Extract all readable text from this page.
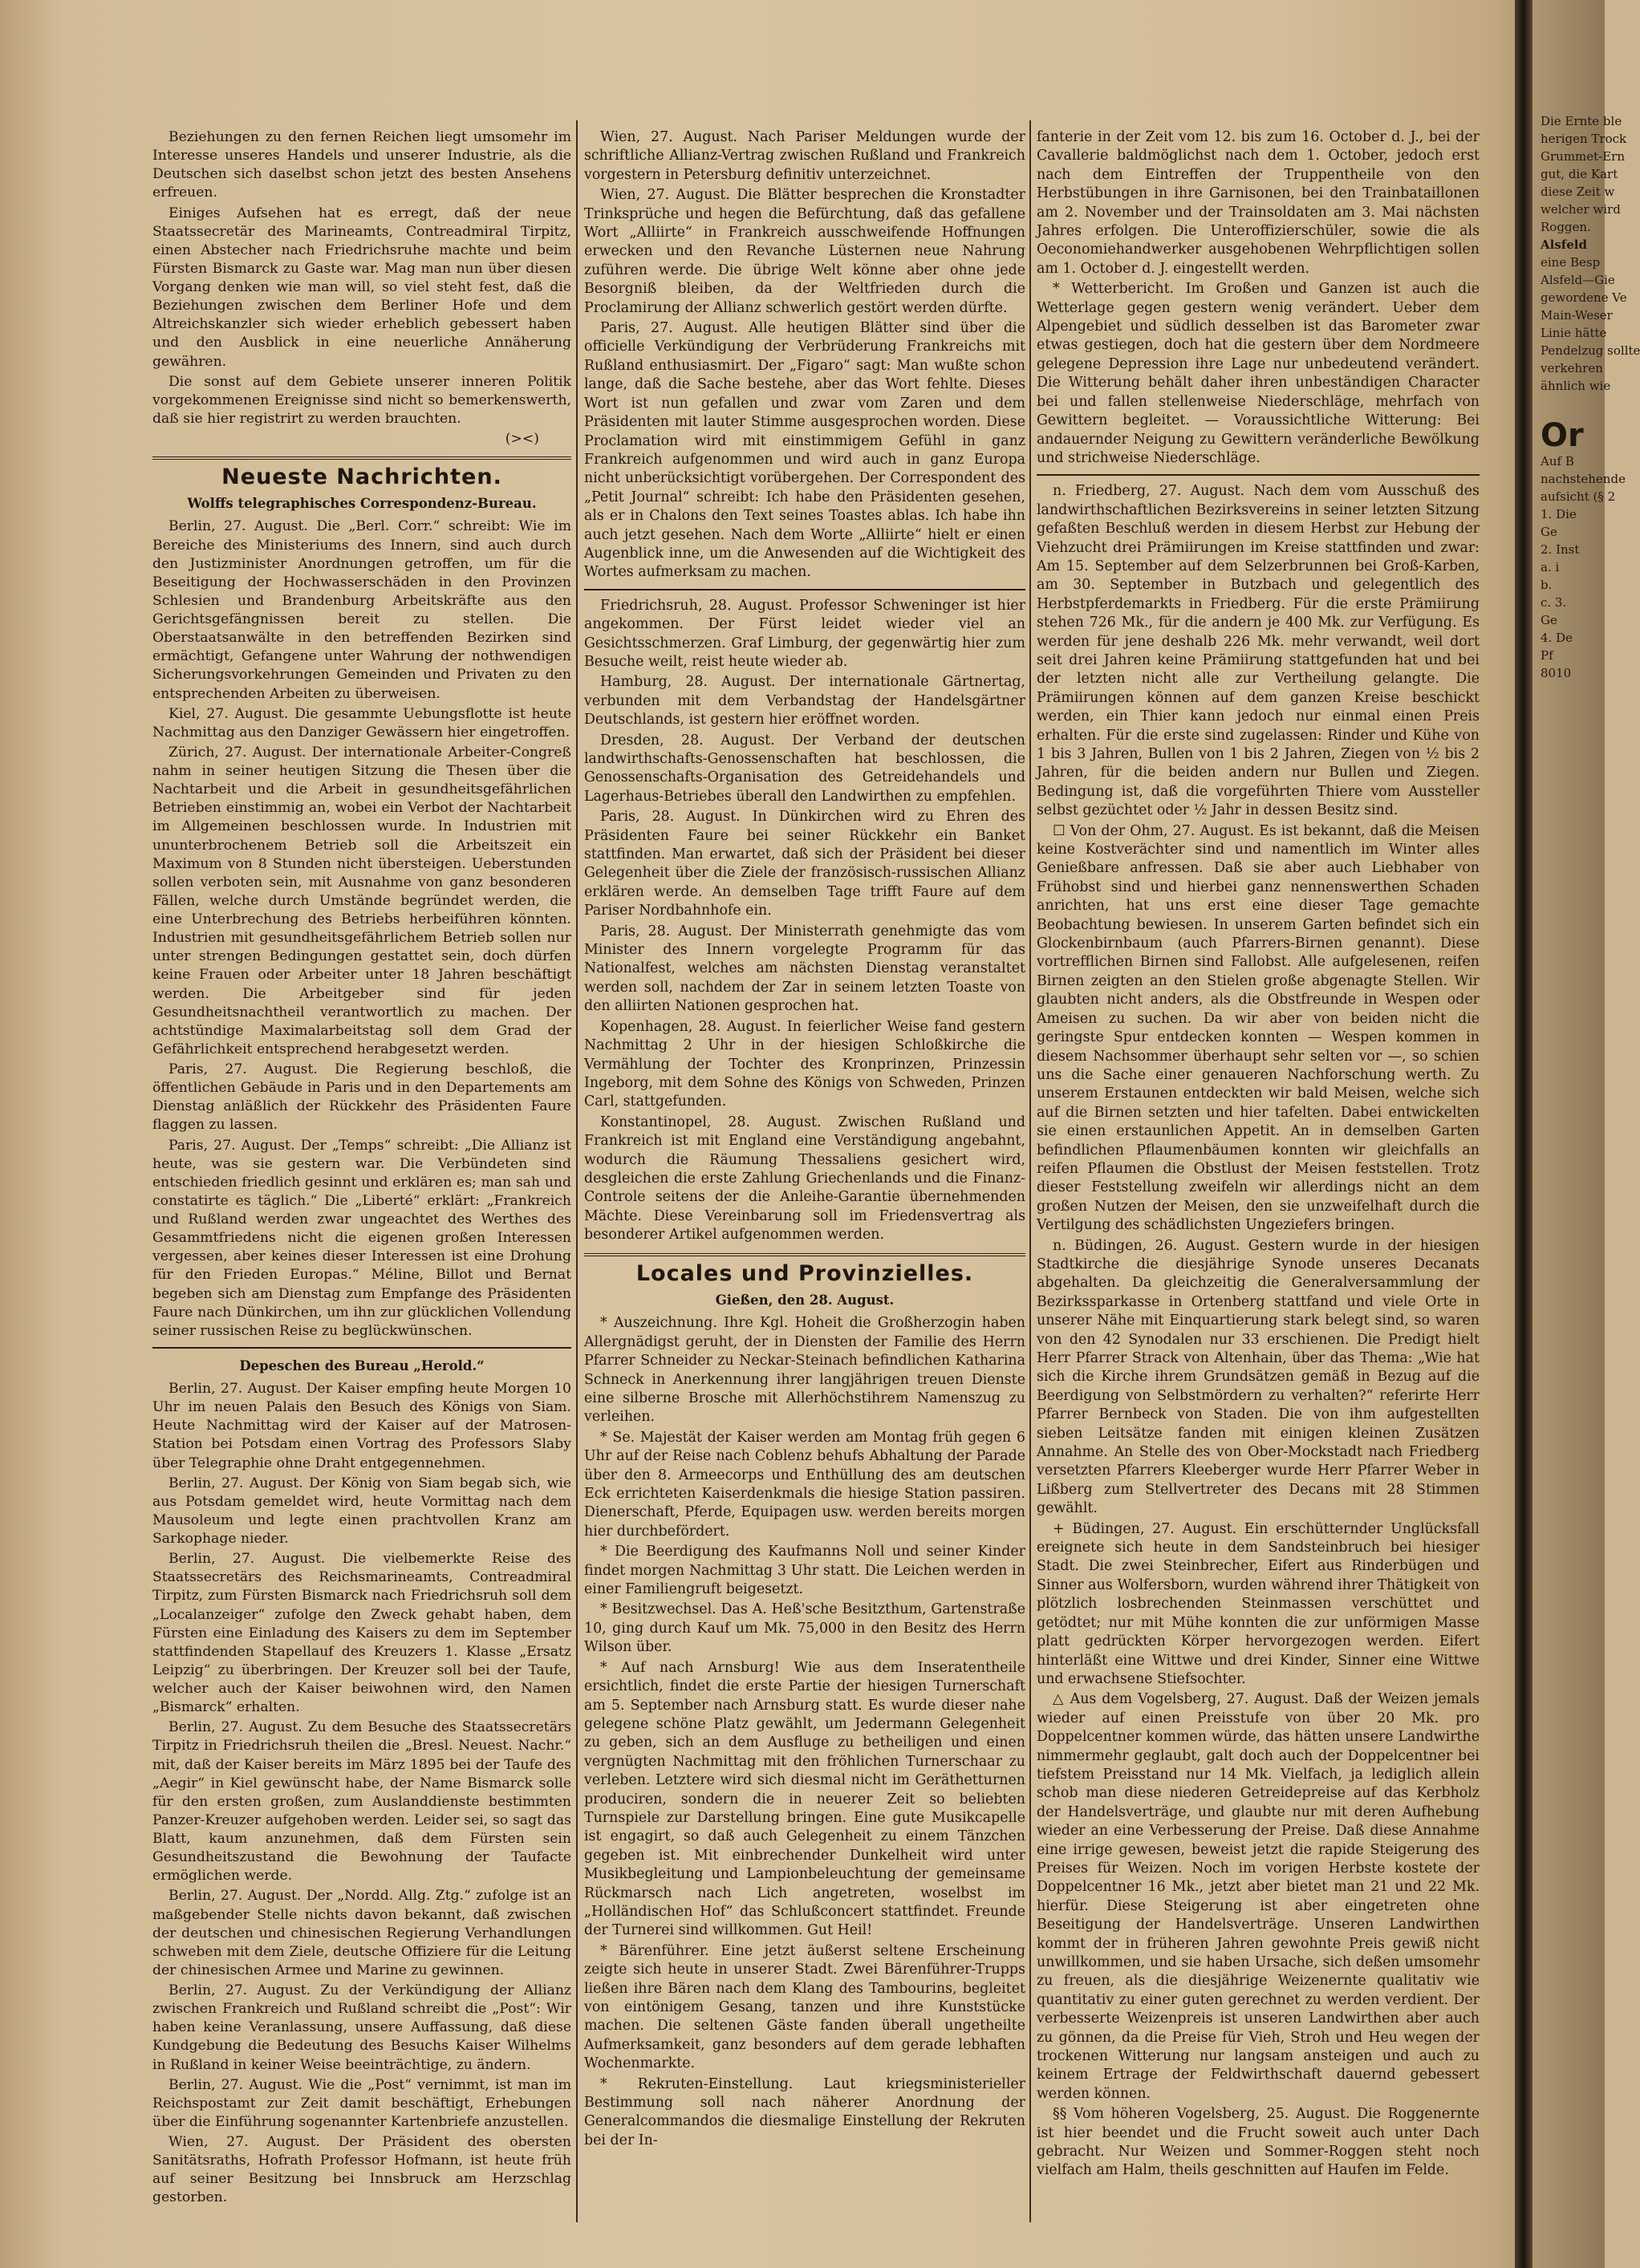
Beziehungen zu den fernen Reichen liegt umsomehr im Interesse unseres Handels und unserer Industrie, als die Deutschen sich daselbst schon jetzt des besten Ansehens erfreuen.

Einiges Aufsehen hat es erregt, daß der neue Staatssecretär des Marineamts, Contreadmiral Tirpitz, einen Abstecher nach Friedrichsruhe machte und beim Fürsten Bismarck zu Gaste war. Mag man nun über diesen Vorgang denken wie man will, so viel steht fest, daß die Beziehungen zwischen dem Berliner Hofe und dem Altreichskanzler sich wieder erheblich gebessert haben und den Ausblick in eine neuerliche Annäherung gewähren.

Die sonst auf dem Gebiete unserer inneren Politik vorgekommenen Ereignisse sind nicht so bemerkenswerth, daß sie hier registrirt zu werden brauchten.

(><)
Neueste Nachrichten.
Wolffs telegraphisches Correspondenz-Bureau.

Berlin, 27. August. Die „Berl. Corr.“ schreibt: Wie im Bereiche des Ministeriums des Innern, sind auch durch den Justizminister Anordnungen getroffen, um für die Beseitigung der Hochwasserschäden in den Provinzen Schlesien und Brandenburg Arbeitskräfte aus den Gerichtsgefängnissen bereit zu stellen. Die Oberstaatsanwälte in den betreffenden Bezirken sind ermächtigt, Gefangene unter Wahrung der nothwendigen Sicherungsvorkehrungen Gemeinden und Privaten zu den entsprechenden Arbeiten zu überweisen.

Kiel, 27. August. Die gesammte Uebungsflotte ist heute Nachmittag aus den Danziger Gewässern hier eingetroffen.

Zürich, 27. August. Der internationale Arbeiter-Congreß nahm in seiner heutigen Sitzung die Thesen über die Nachtarbeit und die Arbeit in gesundheitsgefährlichen Betrieben einstimmig an, wobei ein Verbot der Nachtarbeit im Allgemeinen beschlossen wurde. In Industrien mit ununterbrochenem Betrieb soll die Arbeitszeit ein Maximum von 8 Stunden nicht übersteigen. Ueberstunden sollen verboten sein, mit Ausnahme von ganz besonderen Fällen, welche durch Umstände begründet werden, die eine Unterbrechung des Betriebs herbeiführen könnten. Industrien mit gesundheitsgefährlichem Betrieb sollen nur unter strengen Bedingungen gestattet sein, doch dürfen keine Frauen oder Arbeiter unter 18 Jahren beschäftigt werden. Die Arbeitgeber sind für jeden Gesundheitsnachtheil verantwortlich zu machen. Der achtstündige Maximalarbeitstag soll dem Grad der Gefährlichkeit entsprechend herabgesetzt werden.

Paris, 27. August. Die Regierung beschloß, die öffentlichen Gebäude in Paris und in den Departements am Dienstag anläßlich der Rückkehr des Präsidenten Faure flaggen zu lassen.

Paris, 27. August. Der „Temps“ schreibt: „Die Allianz ist heute, was sie gestern war. Die Verbündeten sind entschieden friedlich gesinnt und erklären es; man sah und constatirte es täglich.“ Die „Liberté“ erklärt: „Frankreich und Rußland werden zwar ungeachtet des Werthes des Gesammtfriedens nicht die eigenen großen Interessen vergessen, aber keines dieser Interessen ist eine Drohung für den Frieden Europas.“ Méline, Billot und Bernat begeben sich am Dienstag zum Empfange des Präsidenten Faure nach Dünkirchen, um ihn zur glücklichen Vollendung seiner russischen Reise zu beglückwünschen.

Depeschen des Bureau „Herold.“

Berlin, 27. August. Der Kaiser empfing heute Morgen 10 Uhr im neuen Palais den Besuch des Königs von Siam. Heute Nachmittag wird der Kaiser auf der Matrosen-Station bei Potsdam einen Vortrag des Professors Slaby über Telegraphie ohne Draht entgegennehmen.

Berlin, 27. August. Der König von Siam begab sich, wie aus Potsdam gemeldet wird, heute Vormittag nach dem Mausoleum und legte einen prachtvollen Kranz am Sarkophage nieder.

Berlin, 27. August. Die vielbemerkte Reise des Staatssecretärs des Reichsmarineamts, Contreadmiral Tirpitz, zum Fürsten Bismarck nach Friedrichsruh soll dem „Localanzeiger“ zufolge den Zweck gehabt haben, dem Fürsten eine Einladung des Kaisers zu dem im September stattfindenden Stapellauf des Kreuzers 1. Klasse „Ersatz Leipzig“ zu überbringen. Der Kreuzer soll bei der Taufe, welcher auch der Kaiser beiwohnen wird, den Namen „Bismarck“ erhalten.

Berlin, 27. August. Zu dem Besuche des Staatssecretärs Tirpitz in Friedrichsruh theilen die „Bresl. Neuest. Nachr.“ mit, daß der Kaiser bereits im März 1895 bei der Taufe des „Aegir“ in Kiel gewünscht habe, der Name Bismarck solle für den ersten großen, zum Auslanddienste bestimmten Panzer-Kreuzer aufgehoben werden. Leider sei, so sagt das Blatt, kaum anzunehmen, daß dem Fürsten sein Gesundheitszustand die Bewohnung der Taufacte ermöglichen werde.

Berlin, 27. August. Der „Nordd. Allg. Ztg.“ zufolge ist an maßgebender Stelle nichts davon bekannt, daß zwischen der deutschen und chinesischen Regierung Verhandlungen schweben mit dem Ziele, deutsche Offiziere für die Leitung der chinesischen Armee und Marine zu gewinnen.

Berlin, 27. August. Zu der Verkündigung der Allianz zwischen Frankreich und Rußland schreibt die „Post“: Wir haben keine Veranlassung, unsere Auffassung, daß diese Kundgebung die Bedeutung des Besuchs Kaiser Wilhelms in Rußland in keiner Weise beeinträchtige, zu ändern.

Berlin, 27. August. Wie die „Post“ vernimmt, ist man im Reichspostamt zur Zeit damit beschäftigt, Erhebungen über die Einführung sogenannter Kartenbriefe anzustellen.

Wien, 27. August. Der Präsident des obersten Sanitätsraths, Hofrath Professor Hofmann, ist heute früh auf seiner Besitzung bei Innsbruck am Herzschlag gestorben.

Wien, 27. August. Nach Pariser Meldungen wurde der schriftliche Allianz-Vertrag zwischen Rußland und Frankreich vorgestern in Petersburg definitiv unterzeichnet.

Wien, 27. August. Die Blätter besprechen die Kronstadter Trinksprüche und hegen die Befürchtung, daß das gefallene Wort „Alliirte“ in Frankreich ausschweifende Hoffnungen erwecken und den Revanche Lüsternen neue Nahrung zuführen werde. Die übrige Welt könne aber ohne jede Besorgniß bleiben, da der Weltfrieden durch die Proclamirung der Allianz schwerlich gestört werden dürfte.

Paris, 27. August. Alle heutigen Blätter sind über die officielle Verkündigung der Verbrüderung Frankreichs mit Rußland enthusiasmirt. Der „Figaro“ sagt: Man wußte schon lange, daß die Sache bestehe, aber das Wort fehlte. Dieses Wort ist nun gefallen und zwar vom Zaren und dem Präsidenten mit lauter Stimme ausgesprochen worden. Diese Proclamation wird mit einstimmigem Gefühl in ganz Frankreich aufgenommen und wird auch in ganz Europa nicht unberücksichtigt vorübergehen. Der Correspondent des „Petit Journal“ schreibt: Ich habe den Präsidenten gesehen, als er in Chalons den Text seines Toastes ablas. Ich habe ihn auch jetzt gesehen. Nach dem Worte „Alliirte“ hielt er einen Augenblick inne, um die Anwesenden auf die Wichtigkeit des Wortes aufmerksam zu machen.

Friedrichsruh, 28. August. Professor Schweninger ist hier angekommen. Der Fürst leidet wieder viel an Gesichtsschmerzen. Graf Limburg, der gegenwärtig hier zum Besuche weilt, reist heute wieder ab.

Hamburg, 28. August. Der internationale Gärtnertag, verbunden mit dem Verbandstag der Handelsgärtner Deutschlands, ist gestern hier eröffnet worden.

Dresden, 28. August. Der Verband der deutschen landwirthschafts-Genossenschaften hat beschlossen, die Genossenschafts-Organisation des Getreidehandels und Lagerhaus-Betriebes überall den Landwirthen zu empfehlen.

Paris, 28. August. In Dünkirchen wird zu Ehren des Präsidenten Faure bei seiner Rückkehr ein Banket stattfinden. Man erwartet, daß sich der Präsident bei dieser Gelegenheit über die Ziele der französisch-russischen Allianz erklären werde. An demselben Tage trifft Faure auf dem Pariser Nordbahnhofe ein.

Paris, 28. August. Der Ministerrath genehmigte das vom Minister des Innern vorgelegte Programm für das Nationalfest, welches am nächsten Dienstag veranstaltet werden soll, nachdem der Zar in seinem letzten Toaste von den alliirten Nationen gesprochen hat.

Kopenhagen, 28. August. In feierlicher Weise fand gestern Nachmittag 2 Uhr in der hiesigen Schloßkirche die Vermählung der Tochter des Kronprinzen, Prinzessin Ingeborg, mit dem Sohne des Königs von Schweden, Prinzen Carl, stattgefunden.

Konstantinopel, 28. August. Zwischen Rußland und Frankreich ist mit England eine Verständigung angebahnt, wodurch die Räumung Thessaliens gesichert wird, desgleichen die erste Zahlung Griechenlands und die Finanz-Controle seitens der die Anleihe-Garantie übernehmenden Mächte. Diese Vereinbarung soll im Friedensvertrag als besonderer Artikel aufgenommen werden.

Locales und Provinzielles.
Gießen, den 28. August.

* Auszeichnung. Ihre Kgl. Hoheit die Großherzogin haben Allergnädigst geruht, der in Diensten der Familie des Herrn Pfarrer Schneider zu Neckar-Steinach befindlichen Katharina Schneck in Anerkennung ihrer langjährigen treuen Dienste eine silberne Brosche mit Allerhöchstihrem Namenszug zu verleihen.

* Se. Majestät der Kaiser werden am Montag früh gegen 6 Uhr auf der Reise nach Coblenz behufs Abhaltung der Parade über den 8. Armeecorps und Enthüllung des am deutschen Eck errichteten Kaiserdenkmals die hiesige Station passiren. Dienerschaft, Pferde, Equipagen usw. werden bereits morgen hier durchbefördert.

* Die Beerdigung des Kaufmanns Noll und seiner Kinder findet morgen Nachmittag 3 Uhr statt. Die Leichen werden in einer Familiengruft beigesetzt.

* Besitzwechsel. Das A. Heß'sche Besitzthum, Gartenstraße 10, ging durch Kauf um Mk. 75,000 in den Besitz des Herrn Wilson über.

* Auf nach Arnsburg! Wie aus dem Inseratentheile ersichtlich, findet die erste Partie der hiesigen Turnerschaft am 5. September nach Arnsburg statt. Es wurde dieser nahe gelegene schöne Platz gewählt, um Jedermann Gelegenheit zu geben, sich an dem Ausfluge zu betheiligen und einen vergnügten Nachmittag mit den fröhlichen Turnerschaar zu verleben. Letztere wird sich diesmal nicht im Geräthetturnen produciren, sondern die in neuerer Zeit so beliebten Turnspiele zur Darstellung bringen. Eine gute Musikcapelle ist engagirt, so daß auch Gelegenheit zu einem Tänzchen gegeben ist. Mit einbrechender Dunkelheit wird unter Musikbegleitung und Lampionbeleuchtung der gemeinsame Rückmarsch nach Lich angetreten, woselbst im „Holländischen Hof“ das Schlußconcert stattfindet. Freunde der Turnerei sind willkommen. Gut Heil!

* Bärenführer. Eine jetzt äußerst seltene Erscheinung zeigte sich heute in unserer Stadt. Zwei Bärenführer-Trupps ließen ihre Bären nach dem Klang des Tambourins, begleitet von eintönigem Gesang, tanzen und ihre Kunststücke machen. Die seltenen Gäste fanden überall ungetheilte Aufmerksamkeit, ganz besonders auf dem gerade lebhaften Wochenmarkte.

* Rekruten-Einstellung. Laut kriegsministerieller Bestimmung soll nach näherer Anordnung der Generalcommandos die diesmalige Einstellung der Rekruten bei der In-

fanterie in der Zeit vom 12. bis zum 16. October d. J., bei der Cavallerie baldmöglichst nach dem 1. October, jedoch erst nach dem Eintreffen der Truppentheile von den Herbstübungen in ihre Garnisonen, bei den Trainbataillonen am 2. November und der Trainsoldaten am 3. Mai nächsten Jahres erfolgen. Die Unteroffizierschüler, sowie die als Oeconomiehandwerker ausgehobenen Wehrpflichtigen sollen am 1. October d. J. eingestellt werden.

* Wetterbericht. Im Großen und Ganzen ist auch die Wetterlage gegen gestern wenig verändert. Ueber dem Alpengebiet und südlich desselben ist das Barometer zwar etwas gestiegen, doch hat die gestern über dem Nordmeere gelegene Depression ihre Lage nur unbedeutend verändert. Die Witterung behält daher ihren unbeständigen Character bei und fallen stellenweise Niederschläge, mehrfach von Gewittern begleitet. — Voraussichtliche Witterung: Bei andauernder Neigung zu Gewittern veränderliche Bewölkung und strichweise Niederschläge.

n. Friedberg, 27. August. Nach dem vom Ausschuß des landwirthschaftlichen Bezirksvereins in seiner letzten Sitzung gefaßten Beschluß werden in diesem Herbst zur Hebung der Viehzucht drei Prämiirungen im Kreise stattfinden und zwar: Am 15. September auf dem Selzerbrunnen bei Groß-Karben, am 30. September in Butzbach und gelegentlich des Herbstpferdemarkts in Friedberg. Für die erste Prämiirung stehen 726 Mk., für die andern je 400 Mk. zur Verfügung. Es werden für jene deshalb 226 Mk. mehr verwandt, weil dort seit drei Jahren keine Prämiirung stattgefunden hat und bei der letzten nicht alle zur Vertheilung gelangte. Die Prämiirungen können auf dem ganzen Kreise beschickt werden, ein Thier kann jedoch nur einmal einen Preis erhalten. Für die erste sind zugelassen: Rinder und Kühe von 1 bis 3 Jahren, Bullen von 1 bis 2 Jahren, Ziegen von ½ bis 2 Jahren, für die beiden andern nur Bullen und Ziegen. Bedingung ist, daß die vorgeführten Thiere vom Aussteller selbst gezüchtet oder ½ Jahr in dessen Besitz sind.

☐ Von der Ohm, 27. August. Es ist bekannt, daß die Meisen keine Kostverächter sind und namentlich im Winter alles Genießbare anfressen. Daß sie aber auch Liebhaber von Frühobst sind und hierbei ganz nennenswerthen Schaden anrichten, hat uns erst eine dieser Tage gemachte Beobachtung bewiesen. In unserem Garten befindet sich ein Glockenbirnbaum (auch Pfarrers-Birnen genannt). Diese vortrefflichen Birnen sind Fallobst. Alle aufgelesenen, reifen Birnen zeigten an den Stielen große abgenagte Stellen. Wir glaubten nicht anders, als die Obstfreunde in Wespen oder Ameisen zu suchen. Da wir aber von beiden nicht die geringste Spur entdecken konnten — Wespen kommen in diesem Nachsommer überhaupt sehr selten vor —, so schien uns die Sache einer genaueren Nachforschung werth. Zu unserem Erstaunen entdeckten wir bald Meisen, welche sich auf die Birnen setzten und hier tafelten. Dabei entwickelten sie einen erstaunlichen Appetit. An in demselben Garten befindlichen Pflaumenbäumen konnten wir gleichfalls an reifen Pflaumen die Obstlust der Meisen feststellen. Trotz dieser Feststellung zweifeln wir allerdings nicht an dem großen Nutzen der Meisen, den sie unzweifelhaft durch die Vertilgung des schädlichsten Ungeziefers bringen.

n. Büdingen, 26. August. Gestern wurde in der hiesigen Stadtkirche die diesjährige Synode unseres Decanats abgehalten. Da gleichzeitig die Generalversammlung der Bezirkssparkasse in Ortenberg stattfand und viele Orte in unserer Nähe mit Einquartierung stark belegt sind, so waren von den 42 Synodalen nur 33 erschienen. Die Predigt hielt Herr Pfarrer Strack von Altenhain, über das Thema: „Wie hat sich die Kirche ihrem Grundsätzen gemäß in Bezug auf die Beerdigung von Selbstmördern zu verhalten?“ referirte Herr Pfarrer Bernbeck von Staden. Die von ihm aufgestellten sieben Leitsätze fanden mit einigen kleinen Zusätzen Annahme. An Stelle des von Ober-Mockstadt nach Friedberg versetzten Pfarrers Kleeberger wurde Herr Pfarrer Weber in Lißberg zum Stellvertreter des Decans mit 28 Stimmen gewählt.

+ Büdingen, 27. August. Ein erschütternder Unglücksfall ereignete sich heute in dem Sandsteinbruch bei hiesiger Stadt. Die zwei Steinbrecher, Eifert aus Rinderbügen und Sinner aus Wolfersborn, wurden während ihrer Thätigkeit von plötzlich losbrechenden Steinmassen verschüttet und getödtet; nur mit Mühe konnten die zur unförmigen Masse platt gedrückten Körper hervorgezogen werden. Eifert hinterläßt eine Wittwe und drei Kinder, Sinner eine Wittwe und erwachsene Stiefsochter.

△ Aus dem Vogelsberg, 27. August. Daß der Weizen jemals wieder auf einen Preisstufe von über 20 Mk. pro Doppelcentner kommen würde, das hätten unsere Landwirthe nimmermehr geglaubt, galt doch auch der Doppelcentner bei tiefstem Preisstand nur 14 Mk. Vielfach, ja lediglich allein schob man diese niederen Getreidepreise auf das Kerbholz der Handelsverträge, und glaubte nur mit deren Aufhebung wieder an eine Verbesserung der Preise. Daß diese Annahme eine irrige gewesen, beweist jetzt die rapide Steigerung des Preises für Weizen. Noch im vorigen Herbste kostete der Doppelcentner 16 Mk., jetzt aber bietet man 21 und 22 Mk. hierfür. Diese Steigerung ist aber eingetreten ohne Beseitigung der Handelsverträge. Unseren Landwirthen kommt der in früheren Jahren gewohnte Preis gewiß nicht unwillkommen, und sie haben Ursache, sich deßen umsomehr zu freuen, als die diesjährige Weizenernte qualitativ wie quantitativ zu einer guten gerechnet zu werden verdient. Der verbesserte Weizenpreis ist unseren Landwirthen aber auch zu gönnen, da die Preise für Vieh, Stroh und Heu wegen der trockenen Witterung nur langsam ansteigen und auch zu keinem Ertrage der Feldwirthschaft dauernd gebessert werden können.

§§ Vom höheren Vogelsberg, 25. August. Die Roggenernte ist hier beendet und die Frucht soweit auch unter Dach gebracht. Nur Weizen und Sommer-Roggen steht noch vielfach am Halm, theils geschnitten auf Haufen im Felde.

Die Ernte ble
herigen Trock
Grummet-Ern
gut, die Kart
diese Zeit w
welcher wird
Roggen.
Alsfeld
eine Besp
Alsfeld—Gie
gewordene Ve
Main-Weser
Linie hätte
Pendelzug sollte
verkehren
ähnlich wie
Or
Auf B
nachstehende
aufsicht (§ 2
1. Die
Ge
2. Inst
a. i
b.
c. 3.
Ge
4. De
Pf
8010
